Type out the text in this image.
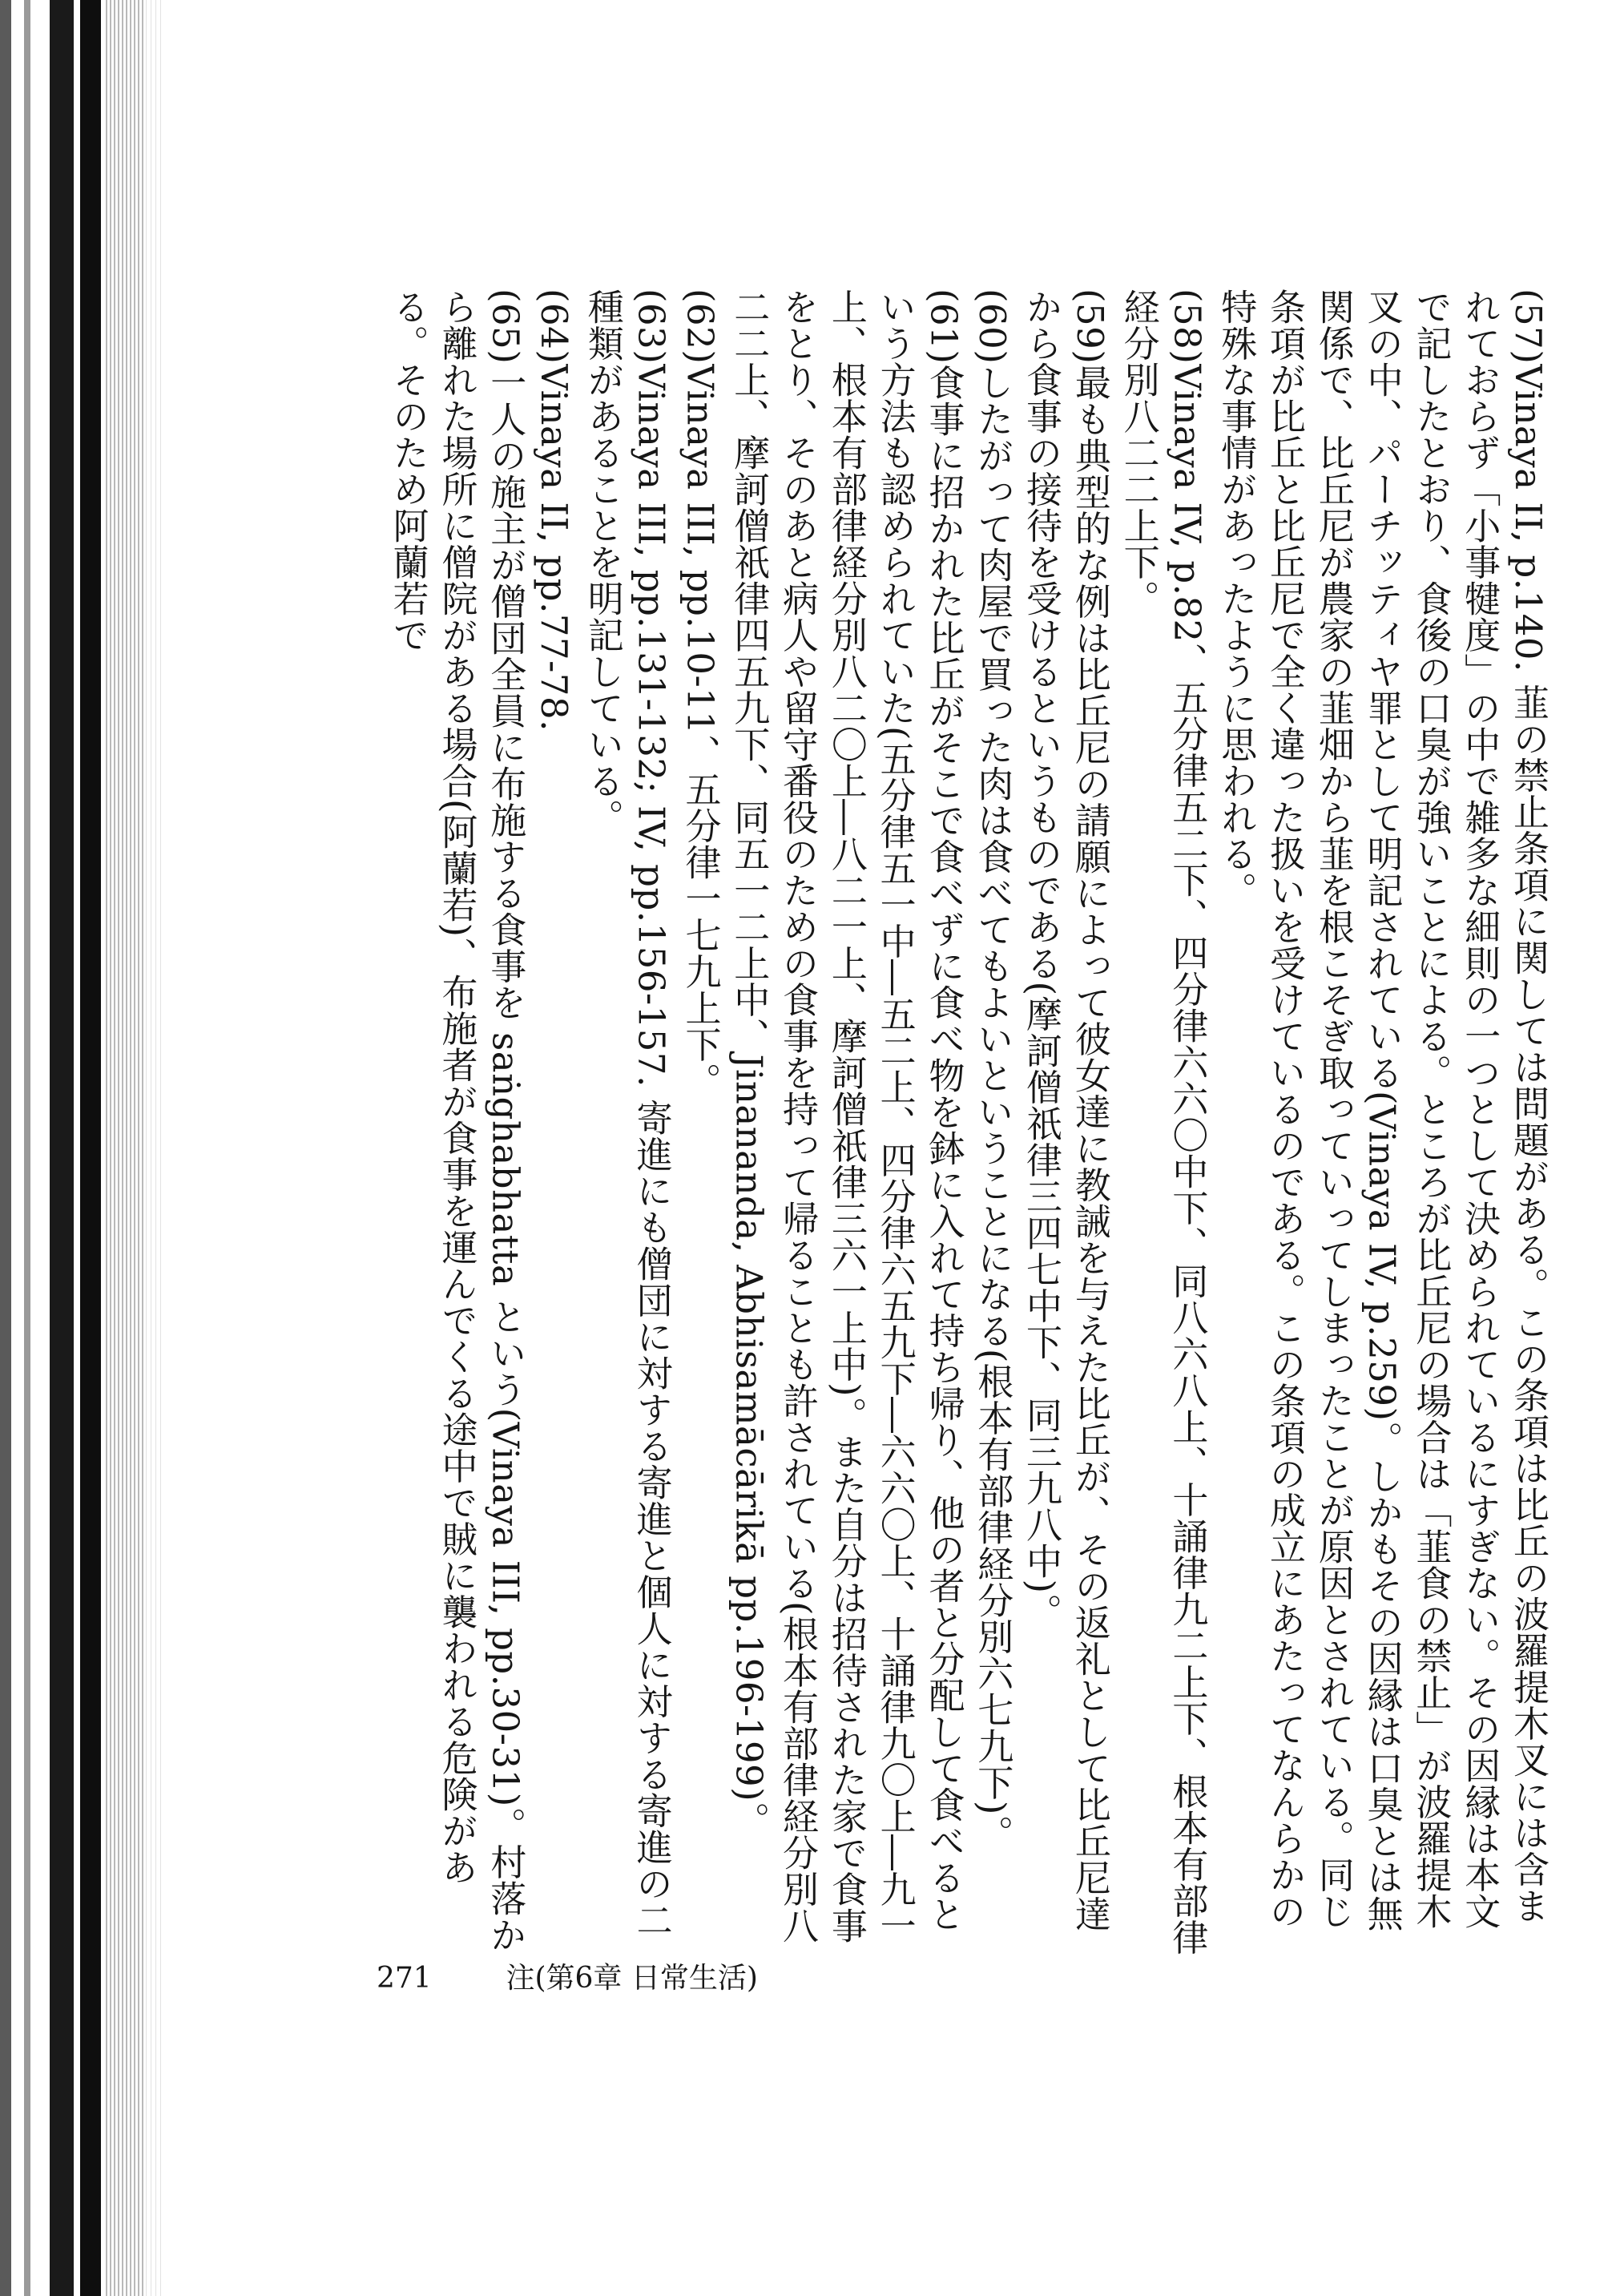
(57)Vinaya II, p.140. 韮の禁止条項に関しては問題がある。この条項は比丘の波羅提木叉には含まれておらず「小事犍度」の中で雑多な細則の一つとして決められているにすぎない。その因縁は本文で記したとおり、食後の口臭が強いことによる。ところが比丘尼の場合は「韮食の禁止」が波羅提木叉の中、パーチッティヤ罪として明記されている(Vinaya IV, p.259)。しかもその因縁は口臭とは無関係で、比丘尼が農家の韮畑から韮を根こそぎ取っていってしまったことが原因とされている。同じ条項が比丘と比丘尼で全く違った扱いを受けているのである。この条項の成立にあたってなんらかの特殊な事情があったように思われる。

(58)Vinaya IV, p.82、五分律五二下、四分律六六〇中下、同八六八上、十誦律九二上下、根本有部律経分別八二二上下。

(59)最も典型的な例は比丘尼の請願によって彼女達に教誡を与えた比丘が、その返礼として比丘尼達から食事の接待を受けるというものである(摩訶僧祇律三四七中下、同三九八中)。

(60)したがって肉屋で買った肉は食べてもよいということになる(根本有部律経分別六七九下)。

(61)食事に招かれた比丘がそこで食べずに食べ物を鉢に入れて持ち帰り、他の者と分配して食べるという方法も認められていた(五分律五一中―五二上、四分律六五九下―六六〇上、十誦律九〇上―九一上、根本有部律経分別八二〇上―八二一上、摩訶僧祇律三六一上中)。また自分は招待された家で食事をとり、そのあと病人や留守番役のための食事を持って帰ることも許されている(根本有部律経分別八二二上、摩訶僧祇律四五九下、同五一二上中、Jinananda, Abhisamācārikā pp.196-199)。

(62)Vinaya III, pp.10-11、五分律一七九上下。

(63)Vinaya III, pp.131-132; IV, pp.156-157. 寄進にも僧団に対する寄進と個人に対する寄進の二種類があることを明記している。

(64)Vinaya II, pp.77-78.

(65)一人の施主が僧団全員に布施する食事を saṅghabhatta という(Vinaya III, pp.30-31)。村落から離れた場所に僧院がある場合(阿蘭若)、布施者が食事を運んでくる途中で賊に襲われる危険がある。そのため阿蘭若で

271	注(第6章 日常生活)
